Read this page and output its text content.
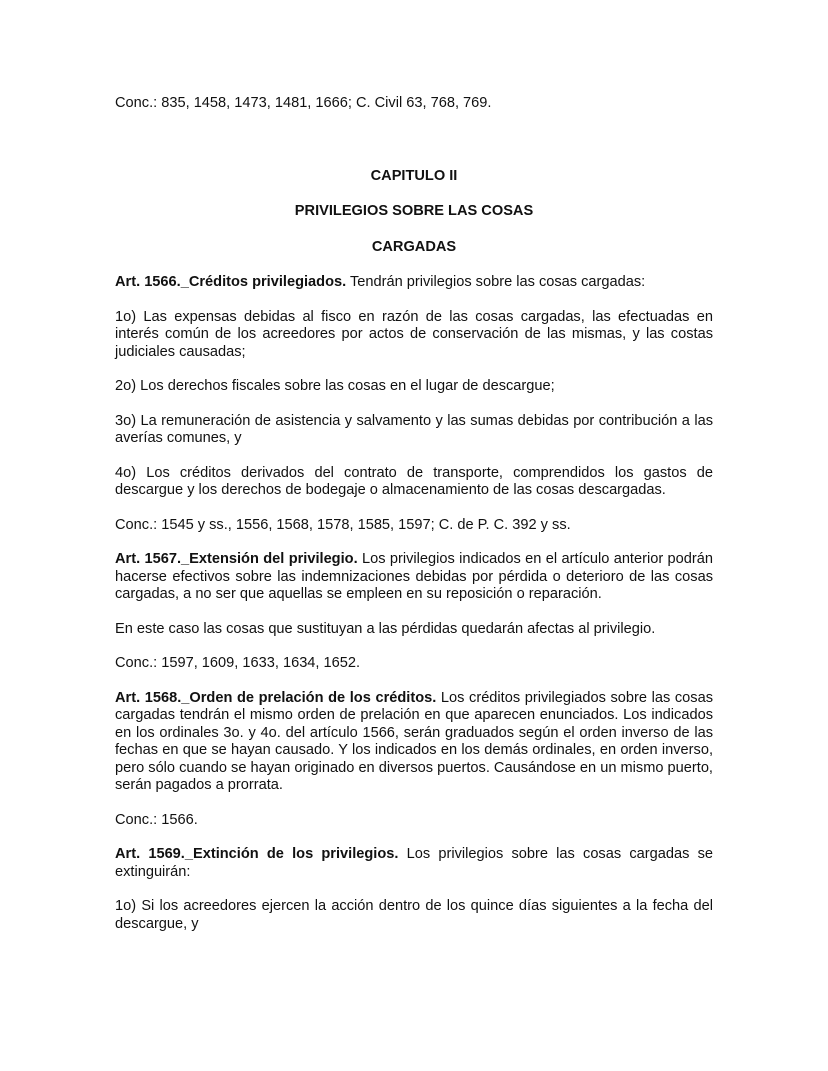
Conc.: 835, 1458, 1473, 1481, 1666; C. Civil 63, 768, 769.

CAPITULO II

PRIVILEGIOS SOBRE LAS COSAS

CARGADAS

Art. 1566._Créditos privilegiados. Tendrán privilegios sobre las cosas cargadas:

1o) Las expensas debidas al fisco en razón de las cosas cargadas, las efectuadas en interés común de los acreedores por actos de conservación de las mismas, y las costas judiciales causadas;

2o) Los derechos fiscales sobre las cosas en el lugar de descargue;

3o) La remuneración de asistencia y salvamento y las sumas debidas por contribución a las averías comunes, y

4o) Los créditos derivados del contrato de transporte, comprendidos los gastos de descargue y los derechos de bodegaje o almacenamiento de las cosas descargadas.

Conc.: 1545 y ss., 1556, 1568, 1578, 1585, 1597; C. de P. C. 392 y ss.

Art. 1567._Extensión del privilegio. Los privilegios indicados en el artículo anterior podrán hacerse efectivos sobre las indemnizaciones debidas por pérdida o deterioro de las cosas cargadas, a no ser que aquellas se empleen en su reposición o reparación.

En este caso las cosas que sustituyan a las pérdidas quedarán afectas al privilegio.

Conc.: 1597, 1609, 1633, 1634, 1652.

Art. 1568._Orden de prelación de los créditos. Los créditos privilegiados sobre las cosas cargadas tendrán el mismo orden de prelación en que aparecen enunciados. Los indicados en los ordinales 3o. y 4o. del artículo 1566, serán graduados según el orden inverso de las fechas en que se hayan causado. Y los indicados en los demás ordinales, en orden inverso, pero sólo cuando se hayan originado en diversos puertos. Causándose en un mismo puerto, serán pagados a prorrata.

Conc.: 1566.

Art. 1569._Extinción de los privilegios. Los privilegios sobre las cosas cargadas se extinguirán:

1o) Si los acreedores ejercen la acción dentro de los quince días siguientes a la fecha del descargue, y
